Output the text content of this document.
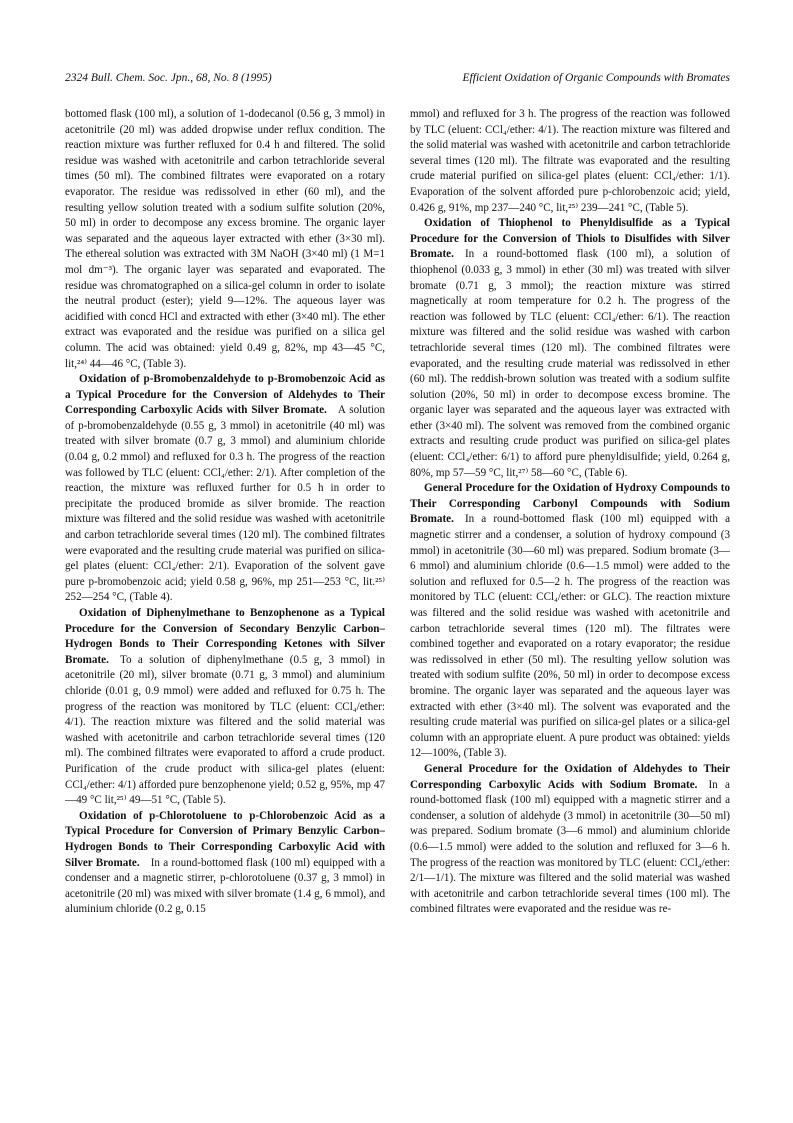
2324 Bull. Chem. Soc. Jpn., 68, No. 8 (1995)	Efficient Oxidation of Organic Compounds with Bromates

bottomed flask (100 ml), a solution of 1-dodecanol (0.56 g, 3 mmol) in acetonitrile (20 ml) was added dropwise under reflux condition. The reaction mixture was further refluxed for 0.4 h and filtered. The solid residue was washed with acetonitrile and carbon tetrachloride several times (50 ml). The combined filtrates were evaporated on a rotary evaporator. The residue was redissolved in ether (60 ml), and the resulting yellow solution treated with a sodium sulfite solution (20%, 50 ml) in order to decompose any excess bromine. The organic layer was separated and the aqueous layer extracted with ether (3×30 ml). The ethereal solution was extracted with 3M NaOH (3×40 ml) (1 M=1 mol dm⁻³). The organic layer was separated and evaporated. The residue was chromatographed on a silica-gel column in order to isolate the neutral product (ester); yield 9—12%. The aqueous layer was acidified with concd HCl and extracted with ether (3×40 ml). The ether extract was evaporated and the residue was purified on a silica gel column. The acid was obtained: yield 0.49 g, 82%, mp 43—45 °C, lit,²⁴⁾ 44—46 °C, (Table 3).

Oxidation of p-Bromobenzaldehyde to p-Bromobenzoic Acid as a Typical Procedure for the Conversion of Aldehydes to Their Corresponding Carboxylic Acids with Silver Bromate.  A solution of p-bromobenzaldehyde (0.55 g, 3 mmol) in acetonitrile (40 ml) was treated with silver bromate (0.7 g, 3 mmol) and aluminium chloride (0.04 g, 0.2 mmol) and refluxed for 0.3 h. The progress of the reaction was followed by TLC (eluent: CCl₄/ether: 2/1). After completion of the reaction, the mixture was refluxed further for 0.5 h in order to precipitate the produced bromide as silver bromide. The reaction mixture was filtered and the solid residue was washed with acetonitrile and carbon tetrachloride several times (120 ml). The combined filtrates were evaporated and the resulting crude material was purified on silica-gel plates (eluent: CCl₄/ether: 2/1). Evaporation of the solvent gave pure p-bromobenzoic acid; yield 0.58 g, 96%, mp 251—253 °C, lit.²⁵⁾ 252—254 °C, (Table 4).

Oxidation of Diphenylmethane to Benzophenone as a Typical Procedure for the Conversion of Secondary Benzylic Carbon–Hydrogen Bonds to Their Corresponding Ketones with Silver Bromate.  To a solution of diphenylmethane (0.5 g, 3 mmol) in acetonitrile (20 ml), silver bromate (0.71 g, 3 mmol) and aluminium chloride (0.01 g, 0.9 mmol) were added and refluxed for 0.75 h. The progress of the reaction was monitored by TLC (eluent: CCl₄/ether: 4/1). The reaction mixture was filtered and the solid material was washed with acetonitrile and carbon tetrachloride several times (120 ml). The combined filtrates were evaporated to afford a crude product. Purification of the crude product with silica-gel plates (eluent: CCl₄/ether: 4/1) afforded pure benzophenone yield; 0.52 g, 95%, mp 47—49 °C lit,²⁵⁾ 49—51 °C, (Table 5).

Oxidation of p-Chlorotoluene to p-Chlorobenzoic Acid as a Typical Procedure for Conversion of Primary Benzylic Carbon–Hydrogen Bonds to Their Corresponding Carboxylic Acid with Silver Bromate.  In a round-bottomed flask (100 ml) equipped with a condenser and a magnetic stirrer, p-chlorotoluene (0.37 g, 3 mmol) in acetonitrile (20 ml) was mixed with silver bromate (1.4 g, 6 mmol), and aluminium chloride (0.2 g, 0.15

mmol) and refluxed for 3 h. The progress of the reaction was followed by TLC (eluent: CCl₄/ether: 4/1). The reaction mixture was filtered and the solid material was washed with acetonitrile and carbon tetrachloride several times (120 ml). The filtrate was evaporated and the resulting crude material purified on silica-gel plates (eluent: CCl₄/ether: 1/1). Evaporation of the solvent afforded pure p-chlorobenzoic acid; yield, 0.426 g, 91%, mp 237—240 °C, lit,²⁵⁾ 239—241 °C, (Table 5).

Oxidation of Thiophenol to Phenyldisulfide as a Typical Procedure for the Conversion of Thiols to Disulfides with Silver Bromate.  In a round-bottomed flask (100 ml), a solution of thiophenol (0.033 g, 3 mmol) in ether (30 ml) was treated with silver bromate (0.71 g, 3 mmol); the reaction mixture was stirred magnetically at room temperature for 0.2 h. The progress of the reaction was followed by TLC (eluent: CCl₄/ether: 6/1). The reaction mixture was filtered and the solid residue was washed with carbon tetrachloride several times (120 ml). The combined filtrates were evaporated, and the resulting crude material was redissolved in ether (60 ml). The reddish-brown solution was treated with a sodium sulfite solution (20%, 50 ml) in order to decompose excess bromine. The organic layer was separated and the aqueous layer was extracted with ether (3×40 ml). The solvent was removed from the combined organic extracts and resulting crude product was purified on silica-gel plates (eluent: CCl₄/ether: 6/1) to afford pure phenyldisulfide; yield, 0.264 g, 80%, mp 57—59 °C, lit,²⁷⁾ 58—60 °C, (Table 6).

General Procedure for the Oxidation of Hydroxy Compounds to Their Corresponding Carbonyl Compounds with Sodium Bromate.  In a round-bottomed flask (100 ml) equipped with a magnetic stirrer and a condenser, a solution of hydroxy compound (3 mmol) in acetonitrile (30—60 ml) was prepared. Sodium bromate (3—6 mmol) and aluminium chloride (0.6—1.5 mmol) were added to the solution and refluxed for 0.5—2 h. The progress of the reaction was monitored by TLC (eluent: CCl₄/ether: or GLC). The reaction mixture was filtered and the solid residue was washed with acetonitrile and carbon tetrachloride several times (120 ml). The filtrates were combined together and evaporated on a rotary evaporator; the residue was redissolved in ether (50 ml). The resulting yellow solution was treated with sodium sulfite (20%, 50 ml) in order to decompose excess bromine. The organic layer was separated and the aqueous layer was extracted with ether (3×40 ml). The solvent was evaporated and the resulting crude material was purified on silica-gel plates or a silica-gel column with an appropriate eluent. A pure product was obtained: yields 12—100%, (Table 3).

General Procedure for the Oxidation of Aldehydes to Their Corresponding Carboxylic Acids with Sodium Bromate.  In a round-bottomed flask (100 ml) equipped with a magnetic stirrer and a condenser, a solution of aldehyde (3 mmol) in acetonitrile (30—50 ml) was prepared. Sodium bromate (3—6 mmol) and aluminium chloride (0.6—1.5 mmol) were added to the solution and refluxed for 3—6 h. The progress of the reaction was monitored by TLC (eluent: CCl₄/ether: 2/1—1/1). The mixture was filtered and the solid material was washed with acetonitrile and carbon tetrachloride several times (100 ml). The combined filtrates were evaporated and the residue was re-
